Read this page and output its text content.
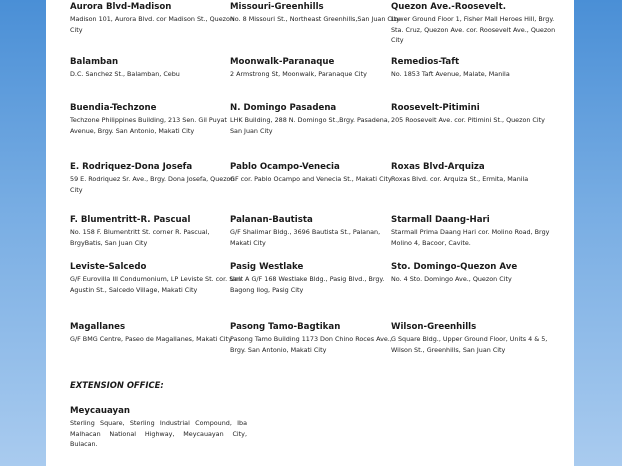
Aurora Blvd-Madison
Madison 101, Aurora Blvd. cor Madison St., Quezon City
Missouri-Greenhills
No. 8 Missouri St., Northeast Greenhills,San Juan City
Quezon Ave.-Roosevelt.
Lower Ground Floor 1, Fisher Mall Heroes Hill, Brgy. Sta. Cruz, Quezon Ave. cor. Roosevelt Ave., Quezon City
Balamban
D.C. Sanchez St., Balamban, Cebu
Moonwalk-Paranaque
2 Armstrong St, Moonwalk, Paranaque City
Remedios-Taft
No. 1853 Taft Avenue, Malate, Manila
Buendia-Techzone
Techzone Philippines Building, 213 Sen. Gil Puyat Avenue, Brgy. San Antonio, Makati City
N. Domingo Pasadena
LHK Building, 288 N. Domingo St.,Brgy. Pasadena, San Juan City
Roosevelt-Pitimini
205 Roosevelt Ave. cor. Pitimini St., Quezon City
E. Rodriquez-Dona Josefa
59 E. Rodriquez Sr. Ave., Brgy. Dona Josefa, Quezon City
Pablo Ocampo-Venecia
GF cor. Pablo Ocampo and Venecia St., Makati City
Roxas Blvd-Arquiza
Roxas Blvd. cor. Arquiza St., Ermita, Manila
F. Blumentritt-R. Pascual
No. 158 F. Blumentritt St. corner R. Pascual, BrgyBatis, San Juan City
Palanan-Bautista
G/F Shalimar Bldg., 3696 Bautista St., Palanan, Makati City
Starmall Daang-Hari
Starmall Prima Daang Hari cor. Molino Road, Brgy Molino 4, Bacoor, Cavite.
Leviste-Salcedo
G/F Eurovilla III Condumonium, LP Leviste St. cor. San Agustin St., Salcedo Village, Makati City
Pasig Westlake
Unit A G/F 168 Westlake Bldg., Pasig Blvd., Brgy. Bagong Ilog, Pasig City
Sto. Domingo-Quezon Ave
No. 4 Sto. Domingo Ave., Quezon City
Magallanes
G/F BMG Centre, Paseo de Magallanes, Makati City
Pasong Tamo-Bagtikan
Pasong Tamo Building 1173 Don Chino Roces Ave., Brgy. San Antonio, Makati City
Wilson-Greenhills
G Square Bldg., Upper Ground Floor, Units 4 & 5, Wilson St., Greenhills, San Juan City
EXTENSION OFFICE:
Meycauayan
Sterling Square, Sterling Industrial Compound, Iba Malhacan National Highway, Meycauayan City, Bulacan.
